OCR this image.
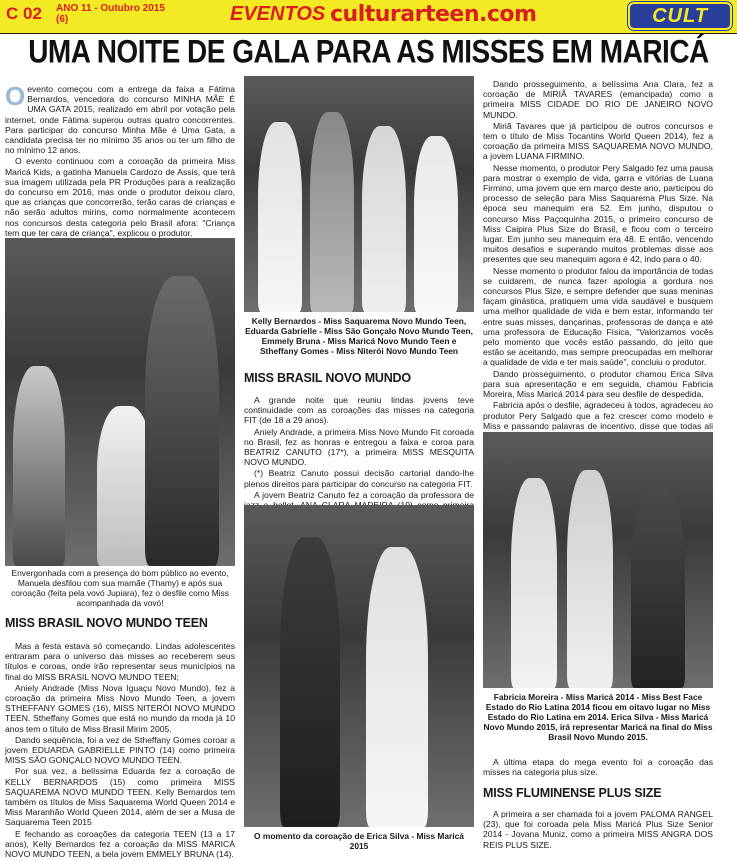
C 02 ANO 11 - Outubro 2015
(6)	EVENTOS culturarteen.com	CULT
UMA NOITE DE GALA PARA AS MISSES EM MARICÁ

O evento começou com a entrega da faixa a Fátima Bernardos, vencedora do concurso MINHA MÃE É UMA GATA 2015, realizado em abril por votação pela internet, onde Fátima superou outras quatro concorrentes. Para participar do concurso Minha Mãe é Uma Gata, a candidata precisa ter no mínimo 35 anos ou ter um filho de no mínimo 12 anos.

O evento continuou com a coroação da primeira Miss Maricá Kids, a gatinha Manuela Cardozo de Assis, que terá sua imagem utilizada pela PR Produções para a realização do concurso em 2016, mas onde o produtor deixou claro, que as crianças que concorrerão, terão caras de crianças e não serão adultos mirins, como normalmente acontecem nos concursos desta categoria pelo Brasil afora: "Criança tem que ter cara de criança", explicou o produtor.

Envergonhada com a presença do bom público ao evento, Manuela desfilou com sua mamãe (Thamy) e após sua coroação (feita pela vovó Jupiara), fez o desfile como Miss acompanhada da vovó!
MISS BRASIL NOVO MUNDO TEEN

Mas a festa estava só começando. Lindas adolescentes entraram para o universo das misses ao receberem seus títulos e coroas, onde irão representar seus municípios na final do MISS BRASIL NOVO MUNDO TEEN;

Aniely Andrade (Miss Nova Iguaçu Novo Mundo), fez a coroação da primeira Miss Novo Mundo Teen, a jovem STHEFFANY GOMES (16), MISS NITERÓI NOVO MUNDO TEEN. Stheffany Gomes que está no mundo da moda já 10 anos tem o título de Miss Brasil Mirim 2005.

Dando sequência, foi a vez de Stheffany Gomes coroar a jovem EDUARDA GABRIELLE PINTO (14) como primeira MISS SÃO GONÇALO NOVO MUNDO TEEN.

Por sua vez, a belíssima Eduarda fez a coroação de KELLY BERNARDOS (15) como primeira MISS SAQUAREMA NOVO MUNDO TEEN. Kelly Bernardos tem também os títulos de Miss Saquarema World Queen 2014 e Miss Maranhão World Queen 2014, além de ser a Musa de Saquarema Teen 2015

E fechando as coroações da categoria TEEN (13 a 17 anos), Kelly Bernardos fez a coroação da MISS MARICÁ NOVO MUNDO TEEN, a bela jovem EMMELY BRUNA (14).

Kelly Bernardos - Miss Saquarema Novo Mundo Teen, Eduarda Gabrielle - Miss São Gonçalo Novo Mundo Teen, Emmely Bruna - Miss Maricá Novo Mundo Teen e Stheffany Gomes - Miss Niterói Novo Mundo Teen
MISS BRASIL NOVO MUNDO

A grande noite que reuniu lindas jovens teve continuidade com as coroações das misses na categoria FIT (de 18 a 29 anos).

Aniely Andrade, a primeira Miss Novo Mundo Fit coroada no Brasil, fez as honras e entregou a faixa e coroa para BEATRIZ CANUTO (17*), a primeira MISS MESQUITA NOVO MUNDO.

(*) Beatriz Canuto possui decisão cartorial dando-lhe plenos direitos para participar do concurso na categoria FIT.

A jovem Beatriz Canuto fez a coroação da professora de

O momento da coroação de Erica Silva - Miss Maricá 2015

Dando prosseguimento, a belíssima Ana Clara, fez a coroação de MIRIÃ TAVARES (emancipada) como a primeira MISS CIDADE DO RIO DE JANEIRO NOVO MUNDO.

Miriã Tavares que já participou de outros concursos e tem o título de Miss Tocantins World Queen 2014), fez a coroação da primeira MISS SAQUAREMA NOVO MUNDO, a jovem LUANA FIRMINO.

Nesse momento, o produtor Pery Salgado fez uma pausa para mostrar o exemplo de vida, garra e vitórias de Luana Firmino, uma jovem que em março deste ano, participou do processo de seleção para Miss Saquarema Plus Size. Na época seu manequim era 52. Em junho, disputou o concurso Miss Paçoquinha 2015, o primeiro concurso de Miss Caipira Plus Size do Brasil, e ficou com o terceiro lugar. Em junho seu manequim era 48. E então, vencendo muitos desafios e superando muitos problemas disse aos presentes que seu manequim agora é 42, indo para o 40.

Nesse momento o produtor falou da importância de todas se cuidarem, de nunca fazer apologia a gordura nos concursos Plus Size, e sempre defender que suas meninas façam ginástica, pratiquem uma vida saudável e busquem uma melhor qualidade de vida e bem estar, informando ter entre suas misses, dançarinas, professoras de dança e até uma professora de Educação Física, "Valorizamos vocês pelo momento que vocês estão passando, do jeito que estão se aceitando, mas sempre preocupadas em melhorar a qualidade de vida e ter mais saúde", concluiu o produtor.

Dando prosseguimento, o produtor chamou Erica Silva para sua apresentação e em seguida, chamou Fabricia Moreira, Miss Maricá 2014 para seu desfile de despedida.

Fabricia após o desfile, agradeceu à todos, agradeceu ao produtor Pery Salgado que a fez crescer como modelo e Miss e passando palavras de incentivo, disse que todas ali

Fabricia Moreira - Miss Maricá 2014 - Miss Best Face Estado do Rio Latina 2014 ficou em oitavo lugar no Miss Estado do Rio Latina em 2014. Erica Silva - Miss Maricá Novo Mundo 2015, irá representar Maricá na final do Miss Brasil Novo Mundo 2015.

A última etapa do mega evento foi a coroação das misses na categoria plus size.

MISS FLUMINENSE PLUS SIZE

A primeira a ser chamada foi a jovem PALOMA RANGEL (23), que foi coroada pela Miss Maricá Plus Size Senior 2014 - Jovana Muniz, como a primeira MISS ANGRA DOS REIS PLUS SIZE.
